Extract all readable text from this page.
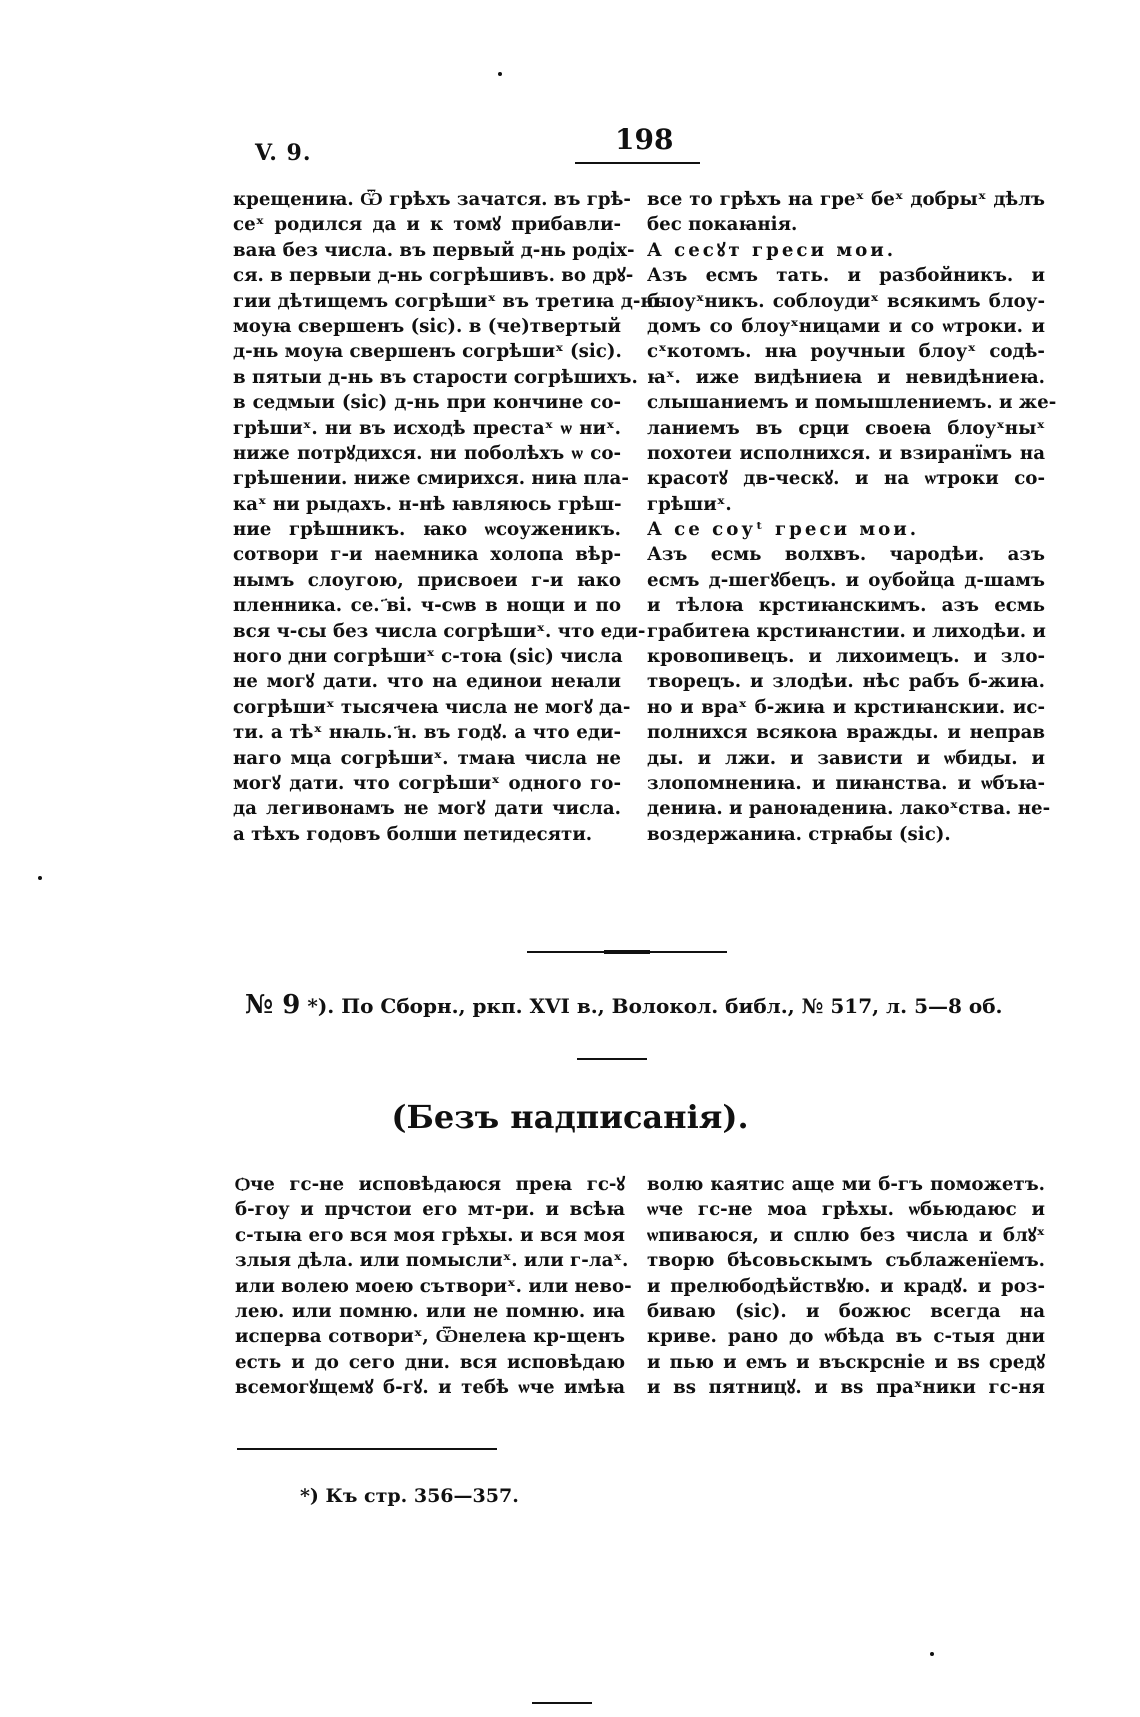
V. 9.	198
крещениꙗ. Ѿ грѣхъ зачатся. въ грѣ-
сеˣ родился да и к томꙋ прибавли-
ваꙗ без числа. въ первый д-нь родіх-
ся. в первыи д-нь согрѣшивъ. во дрꙋ-
гии дѣтищемъ согрѣшиˣ въ третиꙗ д-нь
моуꙗ свершенъ (sic). в (че)твертый
д-нь моуꙗ свершенъ согрѣшиˣ (sic).
в пятыи д-нь въ старости согрѣшихъ.
в седмыи (sic) д-нь при кончине со-
грѣшиˣ. ни въ исходѣ престаˣ ѡ ниˣ.
ниже потрꙋдихся. ни поболѣхъ ѡ со-
грѣшении. ниже смирихся. ниꙗ пла-
каˣ ни рыдахъ. н-нѣ ꙗвляюсь грѣш-
ние грѣшникъ. ꙗко ѡсоуженикъ.
сотвори г-и наемника холопа вѣр-
нымъ слоугою, присвоеи г-и ꙗко
пленника. се. ҃ві. ч-сѡв в нощи и по
вся ч-сы без числа согрѣшиˣ. что еди-
ного дни согрѣшиˣ с-тоꙗ (sic) числа
не могꙋ дати. что на единои неꙗли
согрѣшиˣ тысячеꙗ числа не могꙋ да-
ти. а тѣˣ нꙗль. ҃н. въ годꙋ. а что еди-
наго мца согрѣшиˣ. тмаꙗ числа не
могꙋ дати. что согрѣшиˣ одного го-
да легивонамъ не могꙋ дати числа.
а тѣхъ годовъ болши петидесяти.
все то грѣхъ на греˣ беˣ добрыˣ дѣлъ
бес покаꙗнія.
А сесꙋт греси мои.
Азъ есмъ тать. и разбойникъ. и
блоуˣникъ. соблоудиˣ всякимъ блоу-
домъ со блоуˣницами и со ѡтроки. и
сˣкотомъ. нꙗ роучныи блоуˣ содѣ-
ꙗˣ. иже видѣниеꙗ и невидѣниеꙗ.
слышаниемъ и помышлениемъ. и же-
ланиемъ въ срци своеꙗ блоуˣныˣ
похотеи исполнихся. и взиранїмъ на
красотꙋ дв-ческꙋ. и на ѡтроки со-
грѣшиˣ.
А се соуᵗ греси мои.
Азъ есмь волхвъ. чародѣи. азъ
есмъ д-шегꙋбецъ. и оубойца д-шамъ
и тѣлоꙗ крстиꙗнскимъ. азъ есмь
грабитеꙗ крстиꙗнстии. и лиходѣи. и
кровопивецъ. и лихоимецъ. и зло-
творецъ. и злодѣи. нѣс рабъ б-жиꙗ.
но и враˣ б-жиꙗ и крстиꙗнскии. ис-
полнихся всякоꙗ вражды. и неправ
ды. и лжи. и зависти и ѡбиды. и
злопомнениꙗ. и пиꙗнства. и ѡбъꙗ-
дениꙗ. и раноꙗдениꙗ. лакоˣства. не-
воздержаниꙗ. стрꙗбы (sic).
№ 9 *). По Сборн., ркп. XVI в., Волокол. библ., № 517, л. 5—8 об.
(Безъ надписанія).
Ѻче гс-не исповѣдаюся преꙗ гс-ꙋ
б-гоу и прчстои его мт-ри. и всѣꙗ
с-тыꙗ его вся моя грѣхы. и вся моя
злыя дѣла. или помыслиˣ. или г-лаˣ.
или волею моею сътвориˣ. или нево-
лею. или помню. или не помню. иꙗ
исперва сотвориˣ, Ѿнелеꙗ кр-щенъ
есть и до сего дни. вся исповѣдаю
всемогꙋщемꙋ б-гꙋ. и тебѣ ѡче имѣꙗ
волю каятис аще ми б-гъ поможетъ.
ѡче гс-не моа грѣхы. ѡбьюдаюс и
ѡпиваюся, и сплю без числа и блꙋˣ
творю бѣсовьскымъ съблаженїемъ.
и прелюбодѣйствꙋю. и крадꙋ. и роз-
биваю (sic). и божюс всегда на
криве. рано до ѡбѣда въ с-тыя дни
и пью и емъ и въскрсніе и вѕ средꙋ
и вѕ пятницꙋ. и вѕ праˣники гс-ня
*) Къ стр. 356—357.
